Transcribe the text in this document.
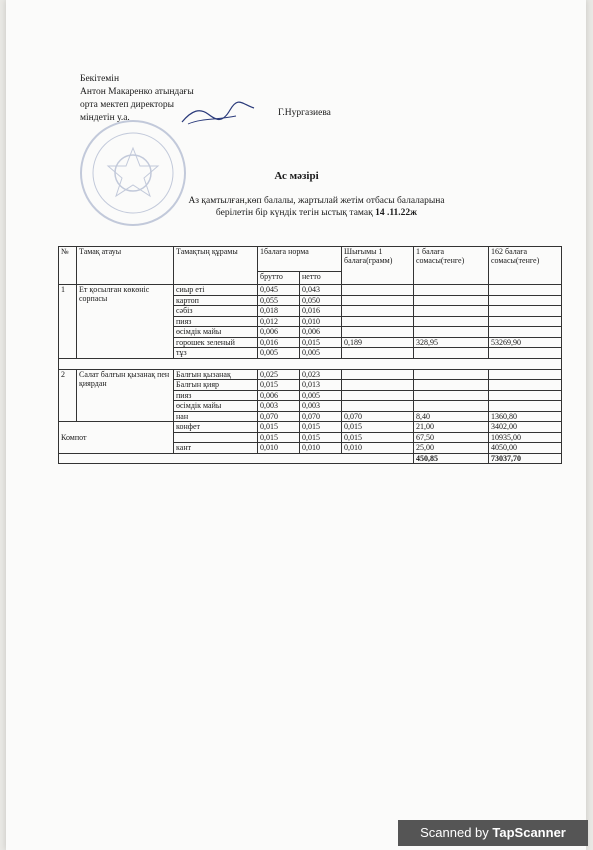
Бекітемін
Антон Макаренко атындағы
орта мектеп директоры
міндетін у.а.	Г.Нургазиева
Ас мәзірі
Аз қамтылған,көп балалы, жартылай жетім отбасы балаларына
берілетін бір күндік тегін ыстық тамақ 14 .11.22ж
№	Тамақ атауы	Тамақтың құрамы	1балаға норма		Шығымы 1 балаға(грамм)	1 балаға сомасы(тенге)	162 балаға сомасы(тенге)
			брутто	нетто			
1	Ет қосылған көкөніс сорпасы	сиыр еті	0,045	0,043			
		картоп	0,055	0,050			
		сәбіз	0,018	0,016			
		пияз	0,012	0,010			
		өсімдік майы	0,006	0,006			
		горошек зеленый	0,016	0,015	0,189	328,95	53269,90
		тұз	0,005	0,005			

2	Салат балғын қызанақ пен қиярдан	Балғын қызанақ	0,025	0,023			
		Балғын қияр	0,015	0,013			
		пияз	0,006	0,005			
		өсімдік майы	0,003	0,003			
		нан	0,070	0,070	0,070	8,40	1360,80
Компот		конфет	0,015	0,015	0,015	21,00	3402,00
			0,015	0,015	0,015	67,50	10935,00
		кант	0,010	0,010	0,010	25,00	4050,00
						450,85	73037,70
Scanned by TapScanner
